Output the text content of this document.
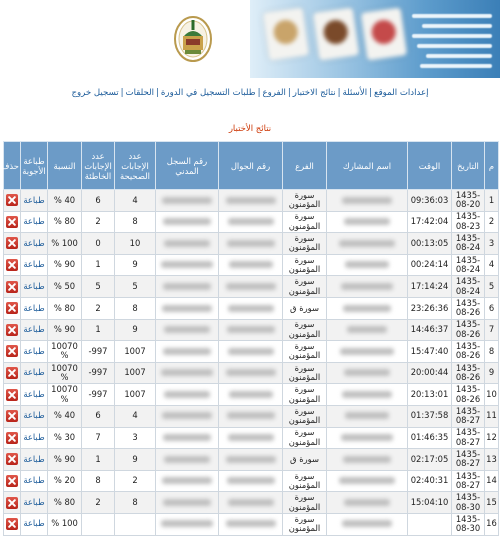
إعدادات الموقع|الأسئلة|نتائج الاختبار|الفروع|طلبات التسجيل في الدورة|الحلقات|تسجيل خروج
نتائج الأختبار
م	التاريخ	الوقت	اسم المشارك	الفرع	رقم الجوال	رقم السجل المدني	عدد الإجابات الصحيحة	عدد الإجابات الخاطئة	النسبة	طباعة الأجوبة	حذف
1	1435-08-20	09:36:03		سورة المؤمنون			4	6	40 %	طباعة	
2	1435-08-23	17:42:04		سورة المؤمنون			8	2	80 %	طباعة	
3	1435-08-24	00:13:05		سورة المؤمنون			10	0	100 %	طباعة	
4	1435-08-24	00:24:14		سورة المؤمنون			9	1	90 %	طباعة	
5	1435-08-24	17:14:24		سورة المؤمنون			5	5	50 %	طباعة	
6	1435-08-26	23:26:36		سورة ق			8	2	80 %	طباعة	
7	1435-08-26	14:46:37		سورة المؤمنون			9	1	90 %	طباعة	
8	1435-08-26	15:47:40		سورة المؤمنون			1007	997-	10070 %	طباعة	
9	1435-08-26	20:00:44		سورة المؤمنون			1007	997-	10070 %	طباعة	
10	1435-08-26	20:13:01		سورة المؤمنون			1007	997-	10070 %	طباعة	
11	1435-08-27	01:37:58		سورة المؤمنون			4	6	40 %	طباعة	
12	1435-08-27	01:46:35		سورة المؤمنون			3	7	30 %	طباعة	
13	1435-08-27	02:17:05		سورة ق			9	1	90 %	طباعة	
14	1435-08-27	02:40:31		سورة المؤمنون			2	8	20 %	طباعة	
15	1435-08-30	15:04:10		سورة المؤمنون			8	2	80 %	طباعة	
16	1435-08-30			سورة المؤمنون					100 %	طباعة	
